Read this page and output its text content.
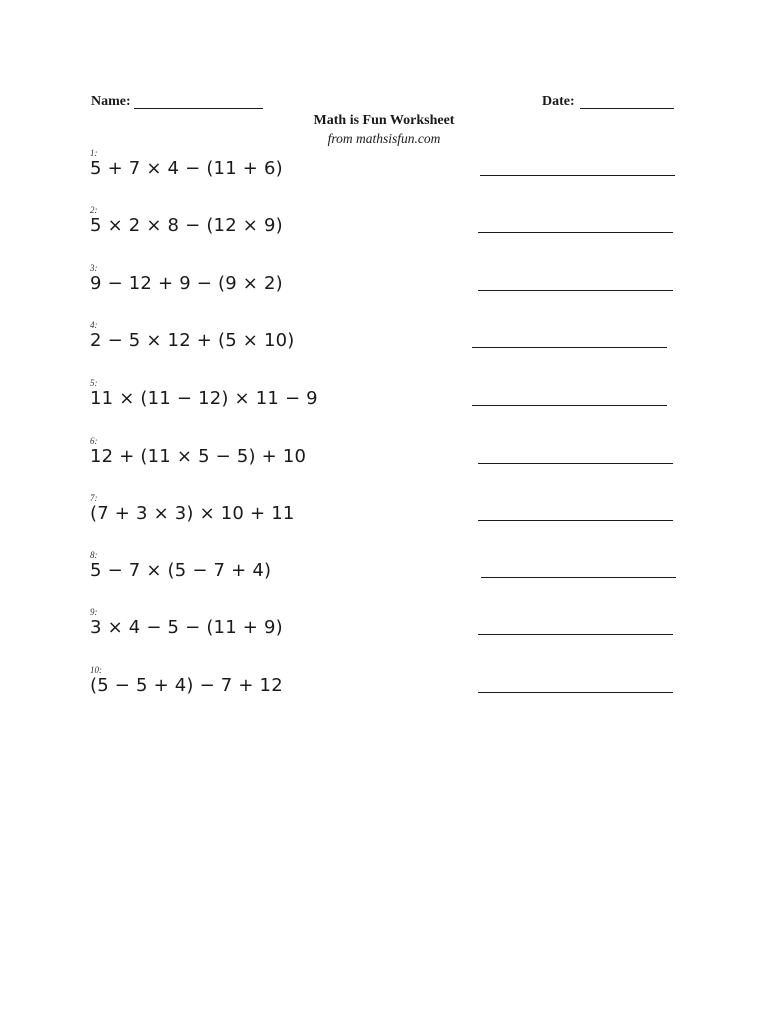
Name:	Date:
Math is Fun Worksheet
from mathsisfun.com
1:
5 + 7 × 4 − (11 + 6)
2:
5 × 2 × 8 − (12 × 9)
3:
9 − 12 + 9 − (9 × 2)
4:
2 − 5 × 12 + (5 × 10)
5:
11 × (11 − 12) × 11 − 9
6:
12 + (11 × 5 − 5) + 10
7:
(7 + 3 × 3) × 10 + 11
8:
5 − 7 × (5 − 7 + 4)
9:
3 × 4 − 5 − (11 + 9)
10:
(5 − 5 + 4) − 7 + 12
